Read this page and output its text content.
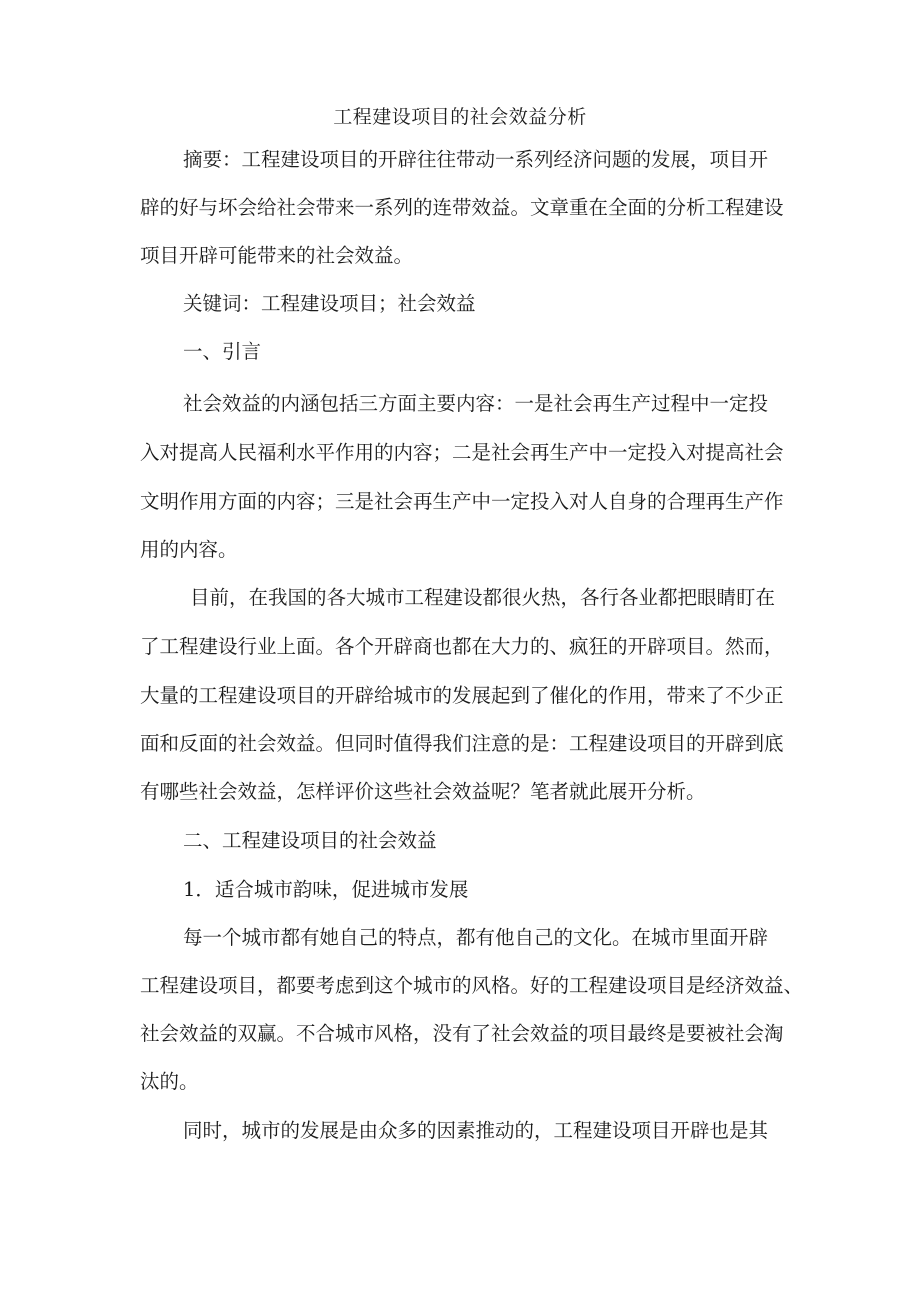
工程建设项目的社会效益分析

摘要：工程建设项目的开辟往往带动一系列经济问题的发展，项目开

辟的好与坏会给社会带来一系列的连带效益。文章重在全面的分析工程建设

项目开辟可能带来的社会效益。

关键词：工程建设项目；社会效益

一、引言

社会效益的内涵包括三方面主要内容：一是社会再生产过程中一定投

入对提高人民福利水平作用的内容；二是社会再生产中一定投入对提高社会

文明作用方面的内容；三是社会再生产中一定投入对人自身的合理再生产作

用的内容。

目前，在我国的各大城市工程建设都很火热，各行各业都把眼睛盯在

了工程建设行业上面。各个开辟商也都在大力的、疯狂的开辟项目。然而，

大量的工程建设项目的开辟给城市的发展起到了催化的作用，带来了不少正

面和反面的社会效益。但同时值得我们注意的是：工程建设项目的开辟到底

有哪些社会效益，怎样评价这些社会效益呢？笔者就此展开分析。

二、工程建设项目的社会效益

1．适合城市韵味，促进城市发展

每一个城市都有她自己的特点，都有他自己的文化。在城市里面开辟

工程建设项目，都要考虑到这个城市的风格。好的工程建设项目是经济效益、

社会效益的双赢。不合城市风格，没有了社会效益的项目最终是要被社会淘

汰的。

同时，城市的发展是由众多的因素推动的，工程建设项目开辟也是其
